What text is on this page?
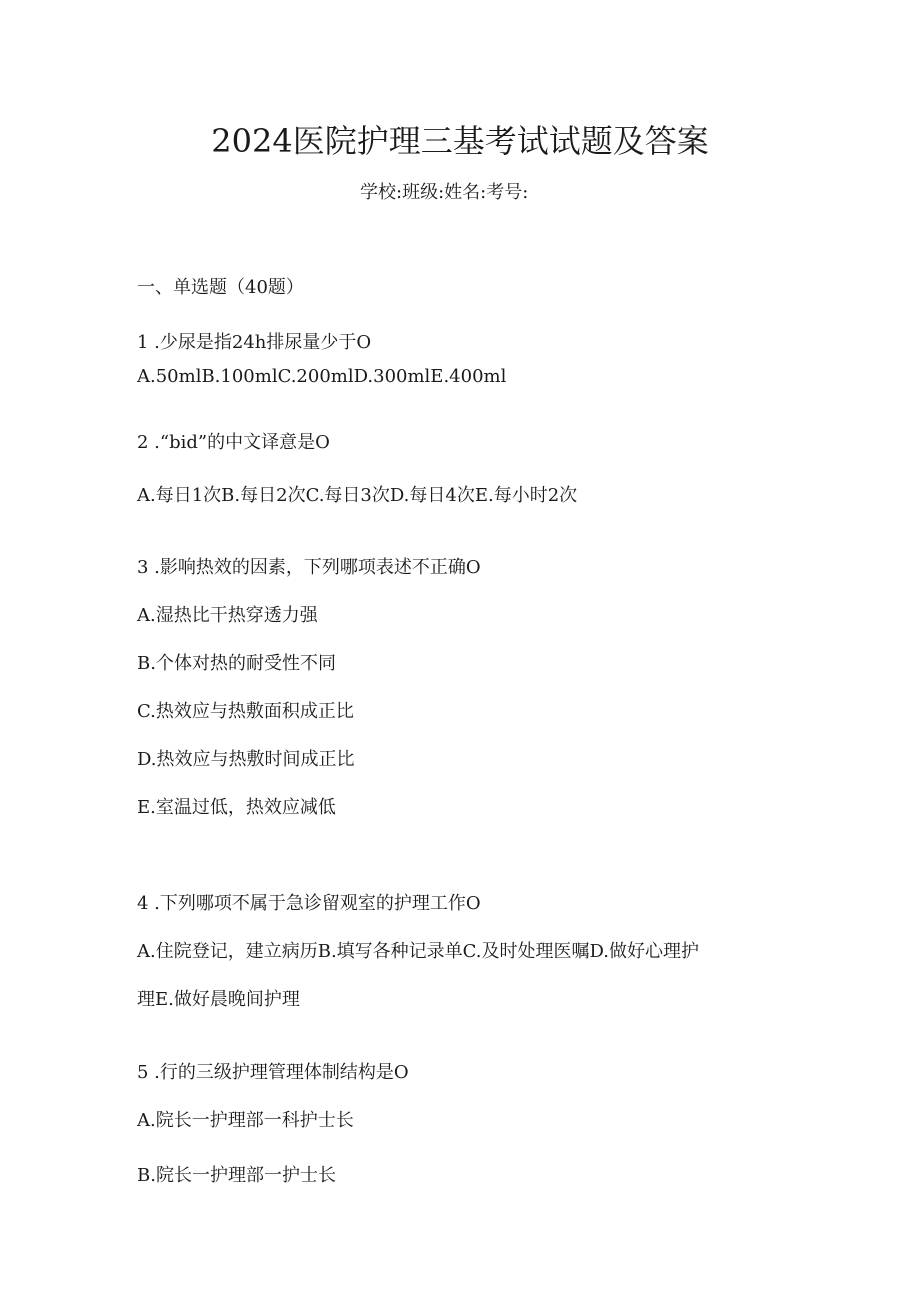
2024医院护理三基考试试题及答案
学校:班级:姓名:考号:
一、单选题（40题）
1 .少尿是指24h排尿量少于O
A.50mlB.100mlC.200mlD.300mlE.400ml
2 .“bid”的中文译意是O
A.每日1次B.每日2次C.每日3次D.每日4次E.每小时2次
3 .影响热效的因素，下列哪项表述不正确O
A.湿热比干热穿透力强
B.个体对热的耐受性不同
C.热效应与热敷面积成正比
D.热效应与热敷时间成正比
E.室温过低，热效应减低
4 .下列哪项不属于急诊留观室的护理工作O
A.住院登记，建立病历B.填写各种记录单C.及时处理医嘱D.做好心理护
理E.做好晨晚间护理
5 .行的三级护理管理体制结构是O
A.院长一护理部一科护士长
B.院长一护理部一护士长
